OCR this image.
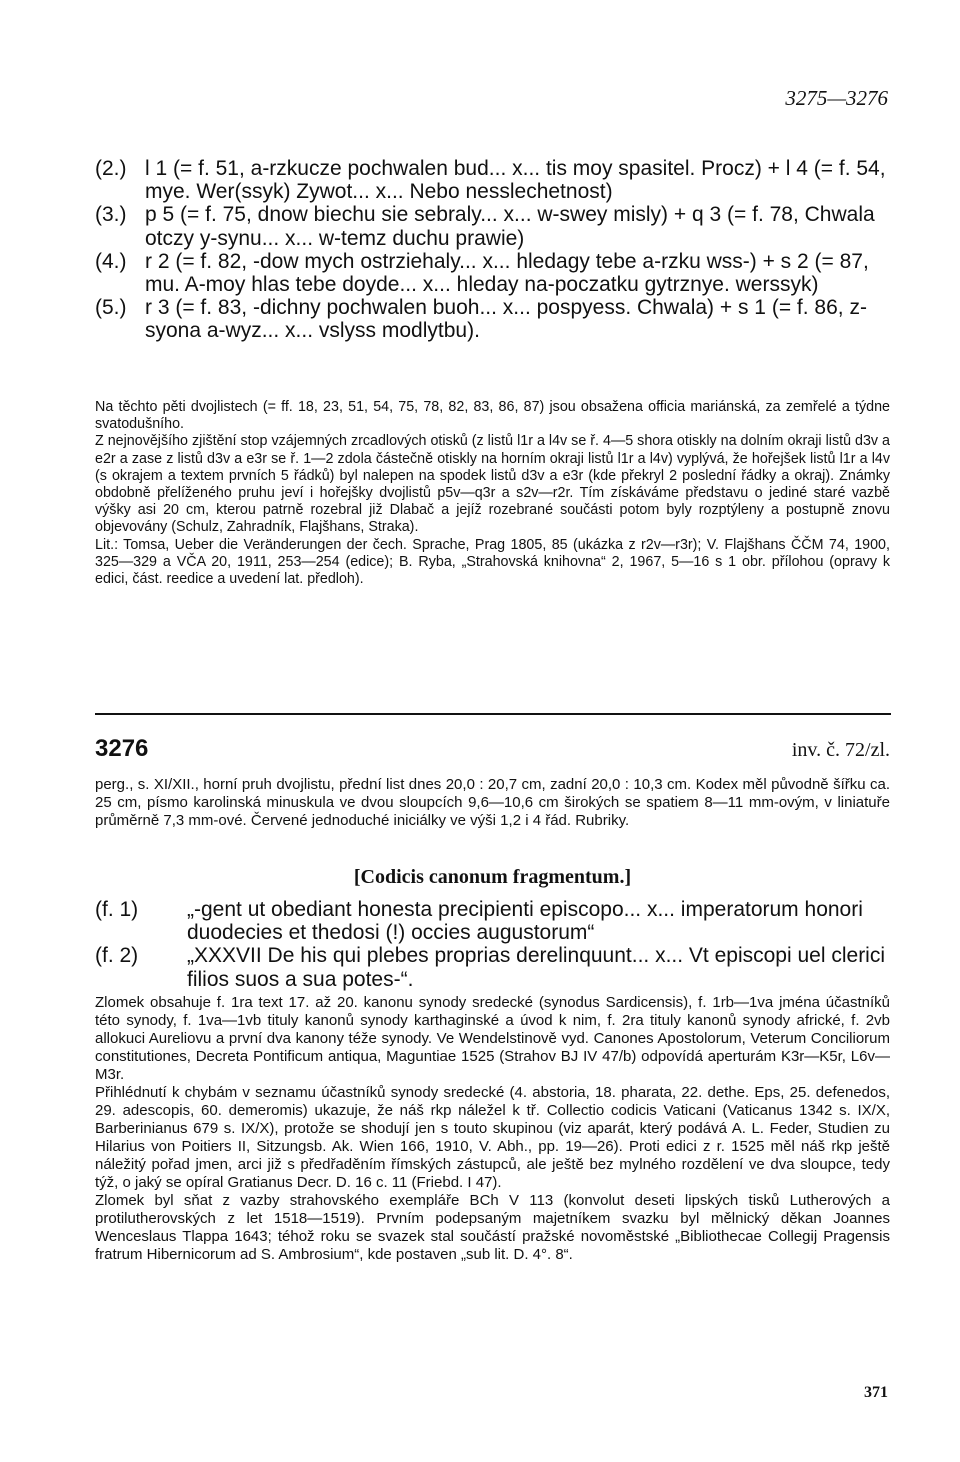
3275—3276
(2.) l 1 (= f. 51, a-rzkucze pochwalen bud... x... tis moy spasitel. Procz) + l 4 (= f. 54, mye. Wer(ssyk) Zywot... x... Nebo nesslechetnost)
(3.) p 5 (= f. 75, dnow biechu sie sebraly... x... w-swey misly) + q 3 (= f. 78, Chwala otczy y-synu... x... w-temz duchu prawie)
(4.) r 2 (= f. 82, -dow mych ostrziehaly... x... hledagy tebe a-rzku wss-) + s 2 (= 87, mu. A-moy hlas tebe doyde... x... hleday na-poczatku gytrznye. werssyk)
(5.) r 3 (= f. 83, -dichny pochwalen buoh... x... pospyess. Chwala) + s 1 (= f. 86, z-syona a-wyz... x... vslyss modlytbu).

Na těchto pěti dvojlistech (= ff. 18, 23, 51, 54, 75, 78, 82, 83, 86, 87) jsou obsažena officia mariánská, za zemřelé a týdne svatodušního.

Z nejnovějšího zjištění stop vzájemných zrcadlových otisků (z listů l1r a l4v se ř. 4—5 shora otiskly na dolním okraji listů d3v a e2r a zase z listů d3v a e3r se ř. 1—2 zdola částečně otiskly na horním okraji listů l1r a l4v) vyplývá, že hořejšek listů l1r a l4v (s okrajem a textem prvních 5 řádků) byl nalepen na spodek listů d3v a e3r (kde překryl 2 poslední řádky a okraj). Známky obdobně přelíženého pruhu jeví i hořejšky dvojlistů p5v—q3r a s2v—r2r. Tím získáváme představu o jediné staré vazbě výšky asi 20 cm, kterou patrně rozebral již Dlabač a jejíž rozebrané součásti potom byly rozptýleny a postupně znovu objevovány (Schulz, Zahradník, Flajšhans, Straka).

Lit.: Tomsa, Ueber die Veränderungen der čech. Sprache, Prag 1805, 85 (ukázka z r2v—r3r); V. Flajšhans ČČM 74, 1900, 325—329 a VČA 20, 1911, 253—254 (edice); B. Ryba, „Strahovská knihovna“ 2, 1967, 5—16 s 1 obr. přílohou (opravy k edici, část. reedice a uvedení lat. předloh).

3276	inv. č. 72/zl.

perg., s. XI/XII., horní pruh dvojlistu, přední list dnes 20,0 : 20,7 cm, zadní 20,0 : 10,3 cm. Kodex měl původně šířku ca. 25 cm, písmo karolinská minuskula ve dvou sloupcích 9,6—10,6 cm širokých se spatiem 8—11 mm-ovým, v liniatuře průměrně 7,3 mm-ové. Červené jednoduché iniciálky ve výši 1,2 i 4 řád. Rubriky.

[Codicis canonum fragmentum.]
(f. 1) „-gent ut obediant honesta precipienti episcopo... x... imperatorum honori duodecies et thedosi (!) occies augustorum“
(f. 2) „XXXVII De his qui plebes proprias derelinquunt... x... Vt episcopi uel clerici filios suos a sua potes-“.

Zlomek obsahuje f. 1ra text 17. až 20. kanonu synody sredecké (synodus Sardicensis), f. 1rb—1va jména účastníků této synody, f. 1va—1vb tituly kanonů synody karthaginské a úvod k nim, f. 2ra tituly kanonů synody africké, f. 2vb allokuci Aureliovu a první dva kanony téže synody. Ve Wendelstinově vyd. Canones Apostolorum, Veterum Conciliorum constitutiones, Decreta Pontificum antiqua, Maguntiae 1525 (Strahov BJ IV 47/b) odpovídá aperturám K3r—K5r, L6v—M3r.

Přihlédnutí k chybám v seznamu účastníků synody sredecké (4. abstoria, 18. pharata, 22. dethe. Eps, 25. defenedos, 29. adescopis, 60. demeromis) ukazuje, že náš rkp náležel k tř. Collectio codicis Vaticani (Vaticanus 1342 s. IX/X, Barberinianus 679 s. IX/X), protože se shodují jen s touto skupinou (viz aparát, který podává A. L. Feder, Studien zu Hilarius von Poitiers II, Sitzungsb. Ak. Wien 166, 1910, V. Abh., pp. 19—26). Proti edici z r. 1525 měl náš rkp ještě náležitý pořad jmen, arci již s předřaděním římských zástupců, ale ještě bez mylného rozdělení ve dva sloupce, tedy týž, o jaký se opíral Gratianus Decr. D. 16 c. 11 (Friebd. I 47).

Zlomek byl sňat z vazby strahovského exempláře BCh V 113 (konvolut deseti lipských tisků Lutherových a protilutherovských z let 1518—1519). Prvním podepsaným majetníkem svazku byl mělnický děkan Joannes Wenceslaus Tlappa 1643; téhož roku se svazek stal součástí pražské novoměstské „Bibliothecae Collegij Pragensis fratrum Hibernicorum ad S. Ambrosium“, kde postaven „sub lit. D. 4°. 8“.

371
